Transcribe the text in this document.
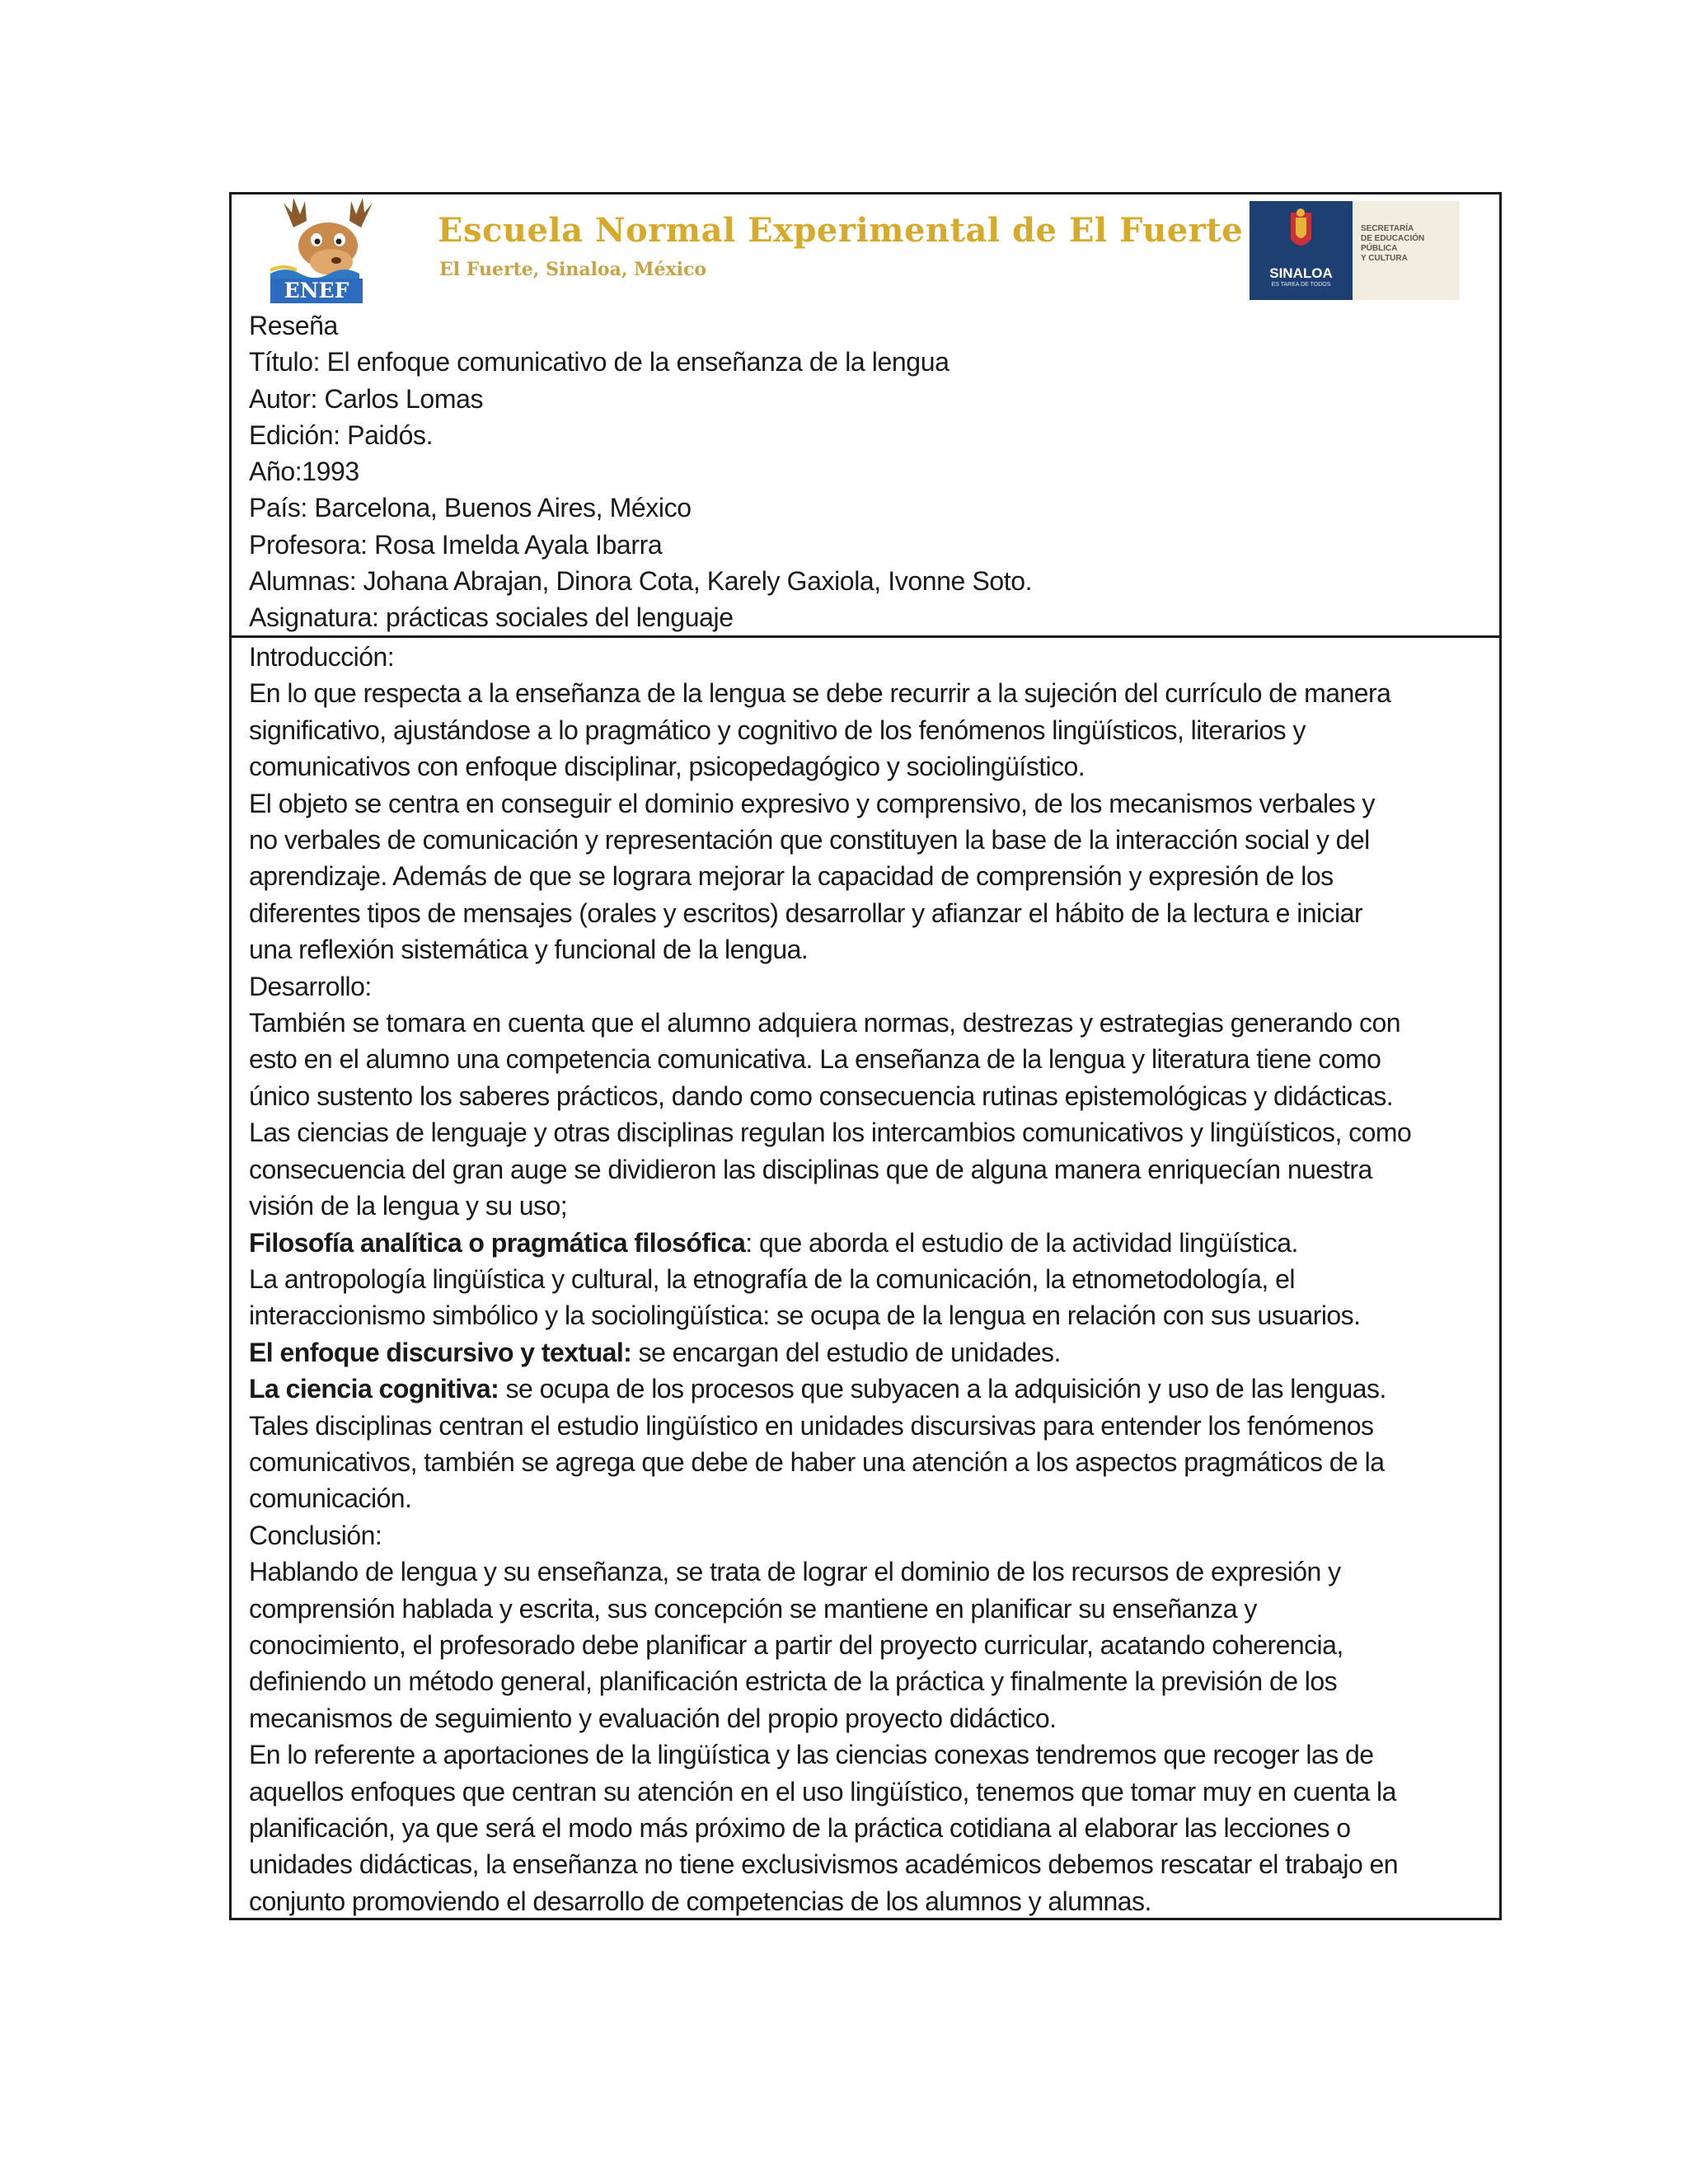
ENEF
Escuela Normal Experimental de El Fuerte
El Fuerte, Sinaloa, México	SINALOA
ES TAREA DE TODOS
SECRETARÍA
DE EDUCACIÓN
PÚBLICA
Y CULTURA
Reseña
Título: El enfoque comunicativo de la enseñanza de la lengua
Autor: Carlos Lomas
Edición: Paidós.
Año:1993
País: Barcelona, Buenos Aires, México
Profesora: Rosa Imelda Ayala Ibarra
Alumnas: Johana Abrajan, Dinora Cota, Karely Gaxiola, Ivonne Soto.
Asignatura: prácticas sociales del lenguaje
Introducción:
En lo que respecta a la enseñanza de la lengua se debe recurrir a la sujeción del currículo de manera
significativo, ajustándose a lo pragmático y cognitivo de los fenómenos lingüísticos, literarios y
comunicativos con enfoque disciplinar, psicopedagógico y sociolingüístico.
El objeto se centra en conseguir el dominio expresivo y comprensivo, de los mecanismos verbales y
no verbales de comunicación y representación que constituyen la base de la interacción social y del
aprendizaje. Además de que se lograra mejorar la capacidad de comprensión y expresión de los
diferentes tipos de mensajes (orales y escritos) desarrollar y afianzar el hábito de la lectura e iniciar
una reflexión sistemática y funcional de la lengua.
Desarrollo:
También se tomara en cuenta que el alumno adquiera normas, destrezas y estrategias generando con
esto en el alumno una competencia comunicativa. La enseñanza de la lengua y literatura tiene como
único sustento los saberes prácticos, dando como consecuencia rutinas epistemológicas y didácticas.
Las ciencias de lenguaje y otras disciplinas regulan los intercambios comunicativos y lingüísticos, como
consecuencia del gran auge se dividieron las disciplinas que de alguna manera enriquecían nuestra
visión de la lengua y su uso;
Filosofía analítica o pragmática filosófica: que aborda el estudio de la actividad lingüística.
La antropología lingüística y cultural, la etnografía de la comunicación, la etnometodología, el
interaccionismo simbólico y la sociolingüística: se ocupa de la lengua en relación con sus usuarios.
El enfoque discursivo y textual: se encargan del estudio de unidades.
La ciencia cognitiva: se ocupa de los procesos que subyacen a la adquisición y uso de las lenguas.
Tales disciplinas centran el estudio lingüístico en unidades discursivas para entender los fenómenos
comunicativos, también se agrega que debe de haber una atención a los aspectos pragmáticos de la
comunicación.
Conclusión:
Hablando de lengua y su enseñanza, se trata de lograr el dominio de los recursos de expresión y
comprensión hablada y escrita, sus concepción se mantiene en planificar su enseñanza y
conocimiento, el profesorado debe planificar a partir del proyecto curricular, acatando coherencia,
definiendo un método general, planificación estricta de la práctica y finalmente la previsión de los
mecanismos de seguimiento y evaluación del propio proyecto didáctico.
En lo referente a aportaciones de la lingüística y las ciencias conexas tendremos que recoger las de
aquellos enfoques que centran su atención en el uso lingüístico, tenemos que tomar muy en cuenta la
planificación, ya que será el modo más próximo de la práctica cotidiana al elaborar las lecciones o
unidades didácticas, la enseñanza no tiene exclusivismos académicos debemos rescatar el trabajo en
conjunto promoviendo el desarrollo de competencias de los alumnos y alumnas.
